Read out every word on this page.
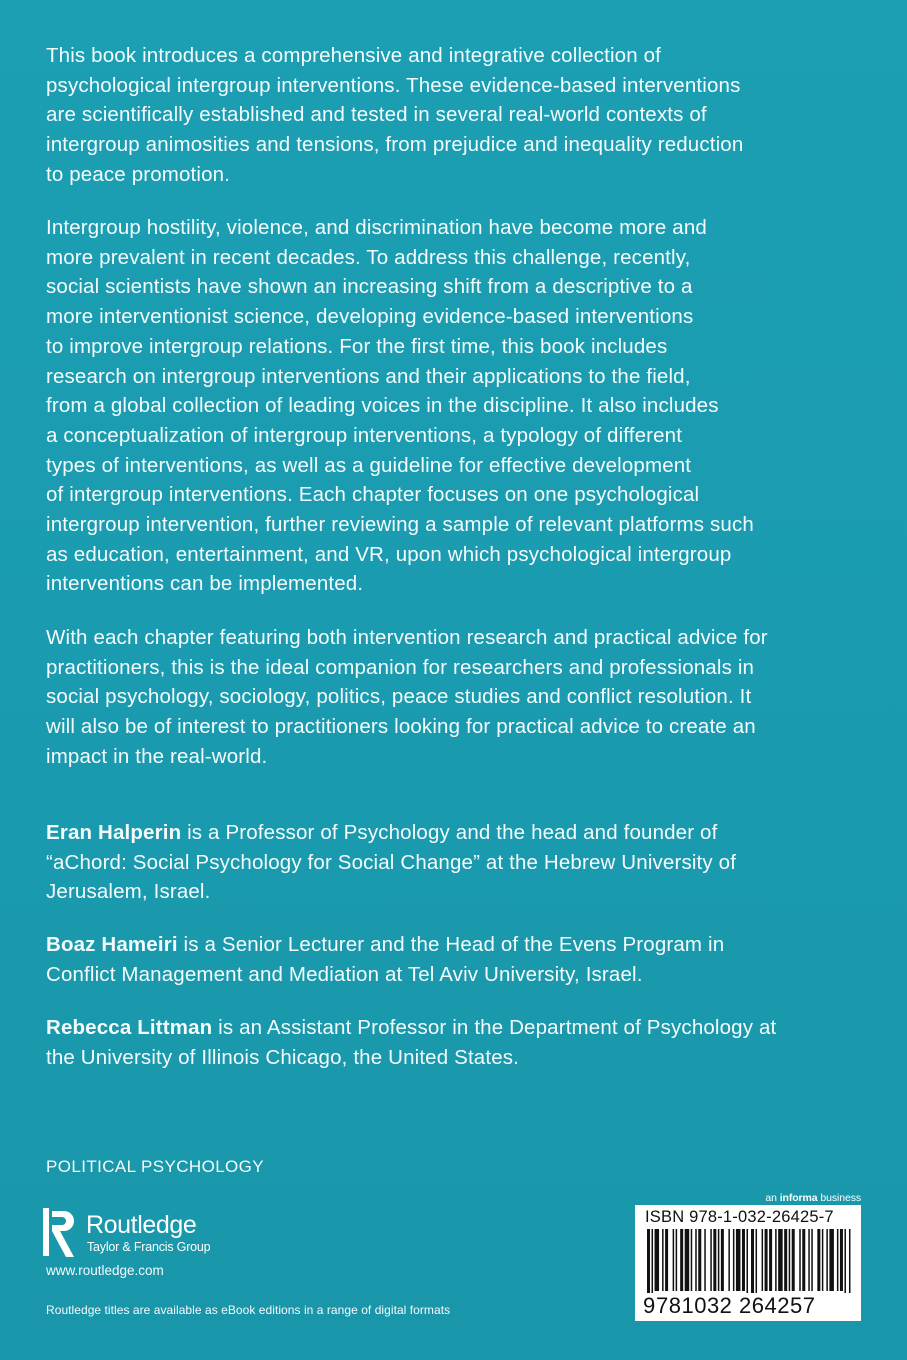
This book introduces a comprehensive and integrative collection of
psychological intergroup interventions. These evidence-based interventions
are scientifically established and tested in several real-world contexts of
intergroup animosities and tensions, from prejudice and inequality reduction
to peace promotion.

Intergroup hostility, violence, and discrimination have become more and
more prevalent in recent decades. To address this challenge, recently,
social scientists have shown an increasing shift from a descriptive to a
more interventionist science, developing evidence-based interventions
to improve intergroup relations. For the first time, this book includes
research on intergroup interventions and their applications to the field,
from a global collection of leading voices in the discipline. It also includes
a conceptualization of intergroup interventions, a typology of different
types of interventions, as well as a guideline for effective development
of intergroup interventions. Each chapter focuses on one psychological
intergroup intervention, further reviewing a sample of relevant platforms such
as education, entertainment, and VR, upon which psychological intergroup
interventions can be implemented.

With each chapter featuring both intervention research and practical advice for
practitioners, this is the ideal companion for researchers and professionals in
social psychology, sociology, politics, peace studies and conflict resolution. It
will also be of interest to practitioners looking for practical advice to create an
impact in the real-world.

Eran Halperin is a Professor of Psychology and the head and founder of
“aChord: Social Psychology for Social Change” at the Hebrew University of
Jerusalem, Israel.

Boaz Hameiri is a Senior Lecturer and the Head of the Evens Program in
Conflict Management and Mediation at Tel Aviv University, Israel.

Rebecca Littman is an Assistant Professor in the Department of Psychology at
the University of Illinois Chicago, the United States.

POLITICAL PSYCHOLOGY
Routledge
Taylor & Francis Group
www.routledge.com
Routledge titles are available as eBook editions in a range of digital formats
an informa business
ISBN 978-1-032-26425-7
9781032 264257
